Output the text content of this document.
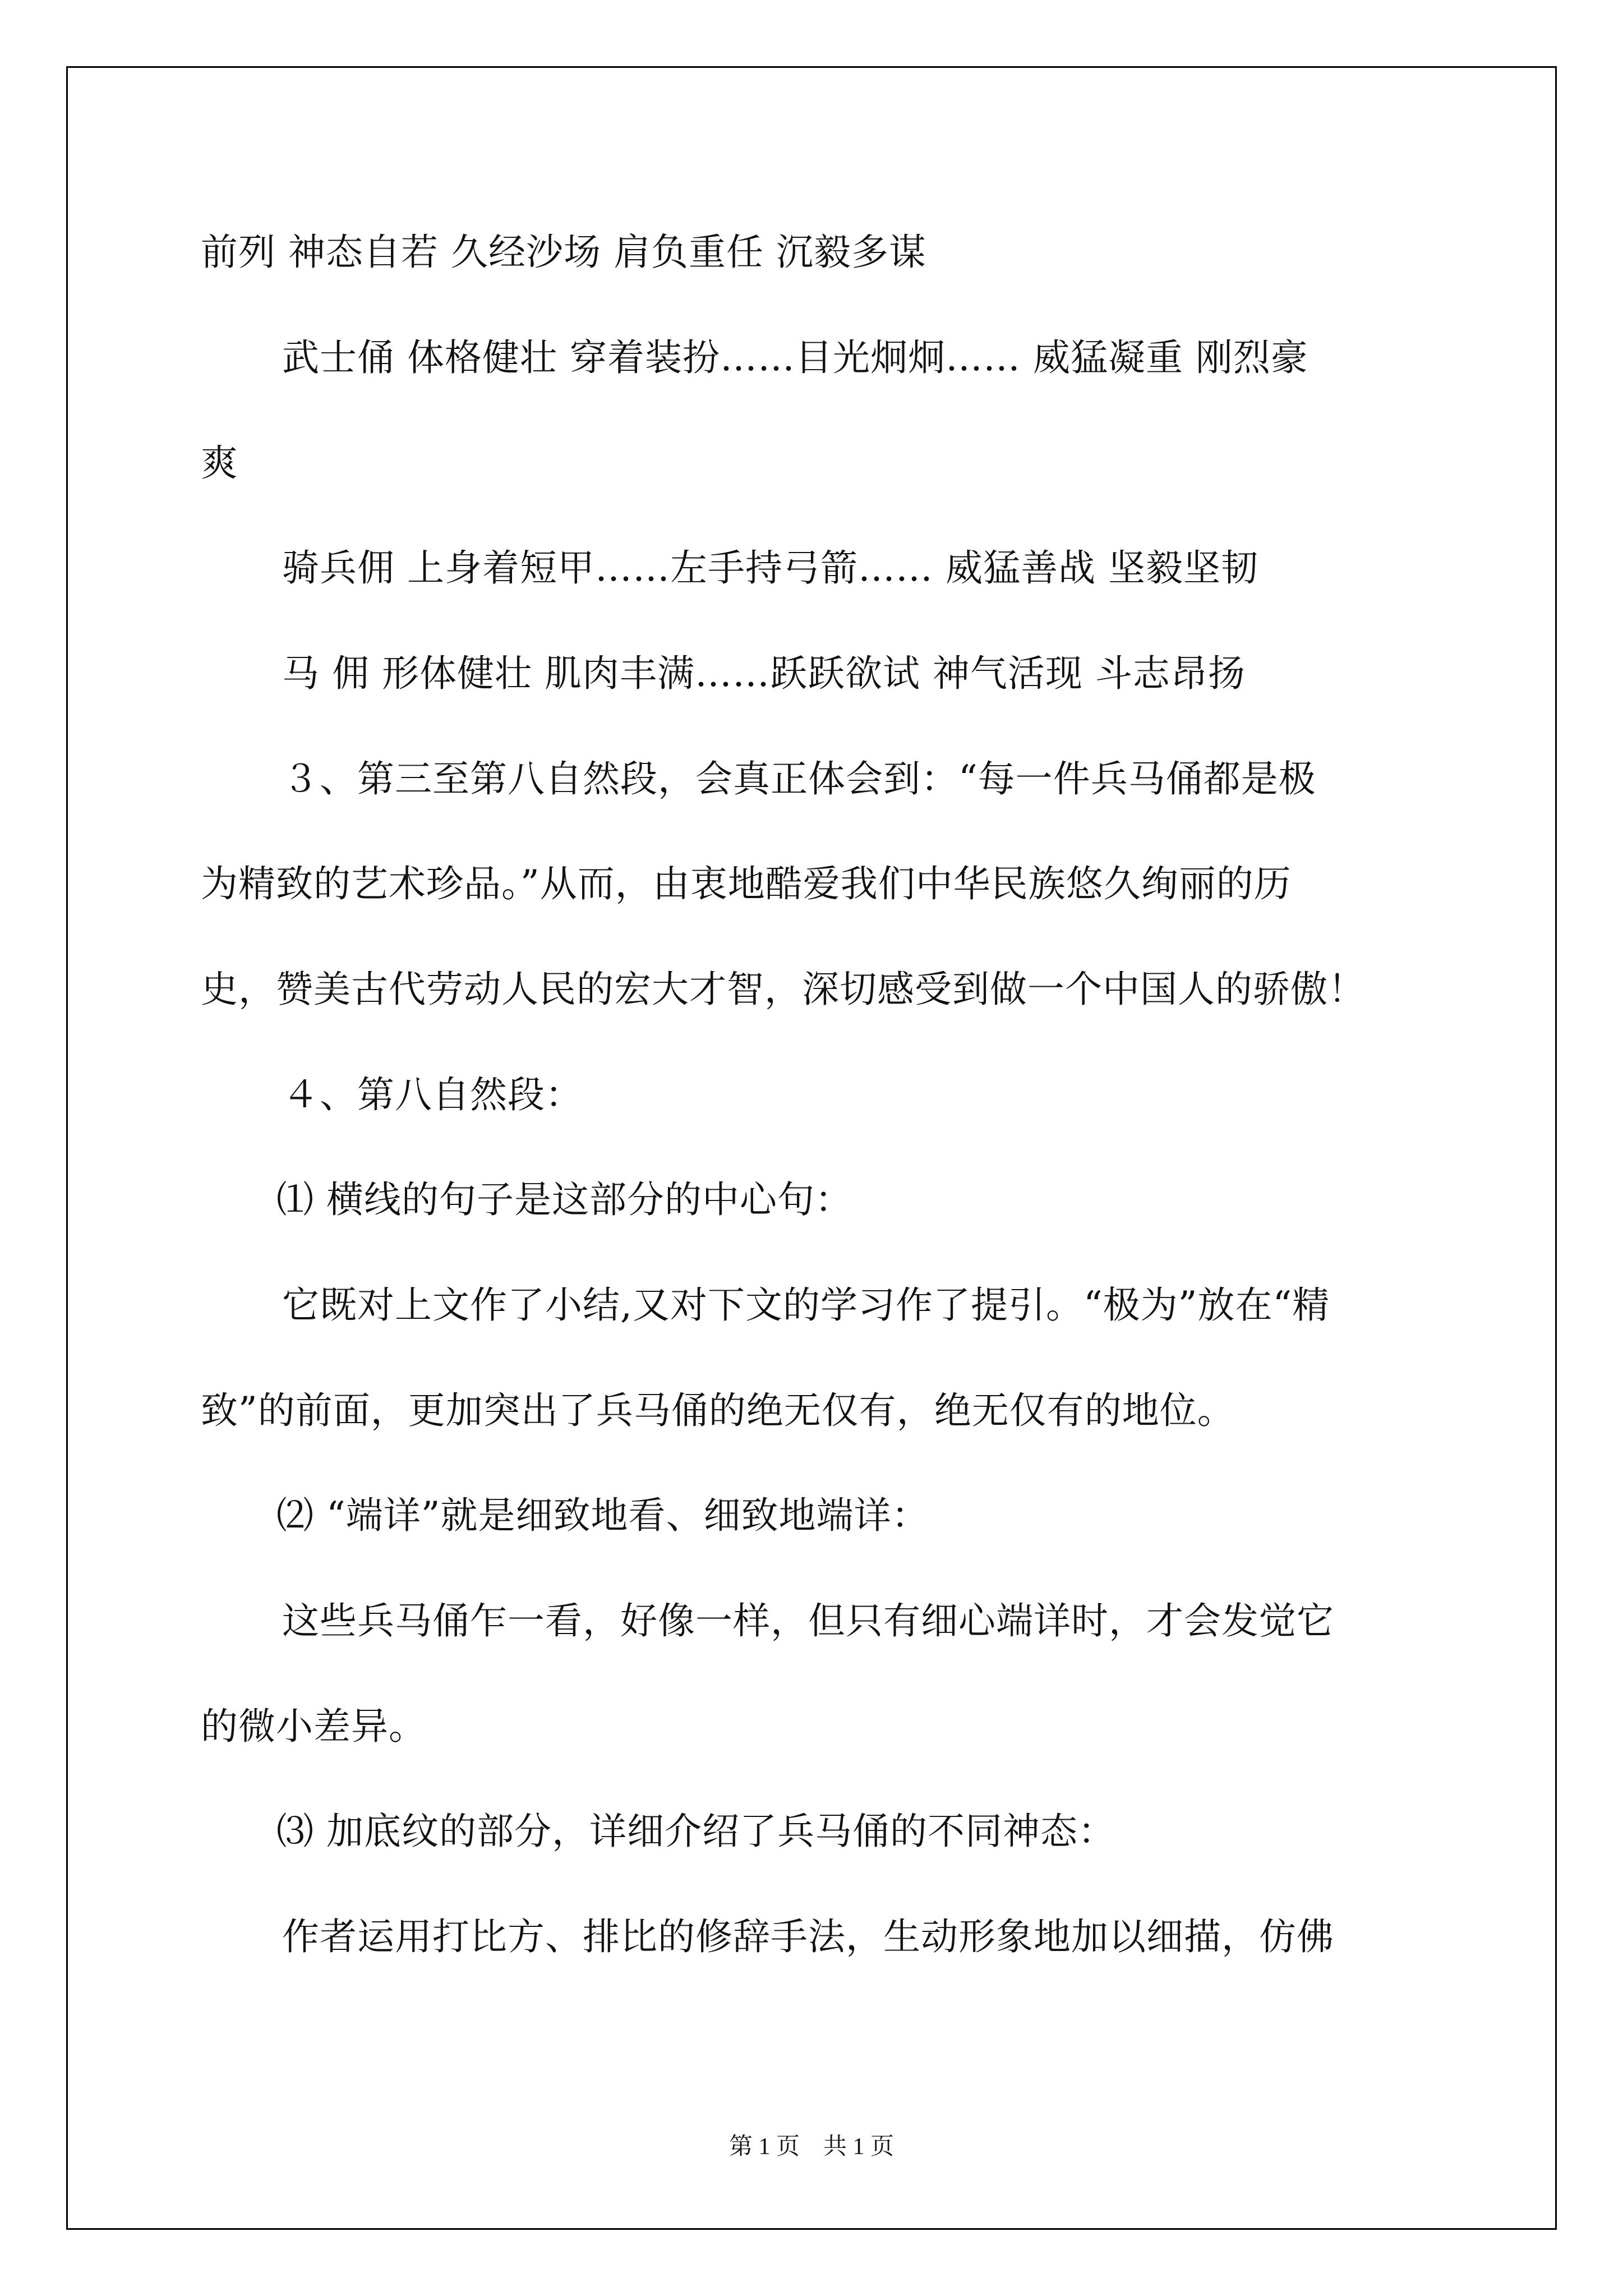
前列 神态自若 久经沙场 肩负重任 沉毅多谋
武士俑 体格健壮 穿着装扮……目光炯炯…… 威猛凝重 刚烈豪
爽
骑兵佣 上身着短甲……左手持弓箭…… 威猛善战 坚毅坚韧
马 佣 形体健壮 肌肉丰满……跃跃欲试 神气活现 斗志昂扬
３、第三至第八自然段，会真正体会到：“每一件兵马俑都是极
为精致的艺术珍品。”从而，由衷地酷爱我们中华民族悠久绚丽的历
史，赞美古代劳动人民的宏大才智，深切感受到做一个中国人的骄傲！
４、第八自然段：
⑴ 横线的句子是这部分的中心句：
它既对上文作了小结,又对下文的学习作了提引。“极为”放在“精
致”的前面，更加突出了兵马俑的绝无仅有，绝无仅有的地位。
⑵ “端详”就是细致地看、细致地端详：
这些兵马俑乍一看，好像一样，但只有细心端详时，才会发觉它
的微小差异。
⑶ 加底纹的部分，详细介绍了兵马俑的不同神态：
作者运用打比方、排比的修辞手法，生动形象地加以细描，仿佛
第 1 页    共 1 页
